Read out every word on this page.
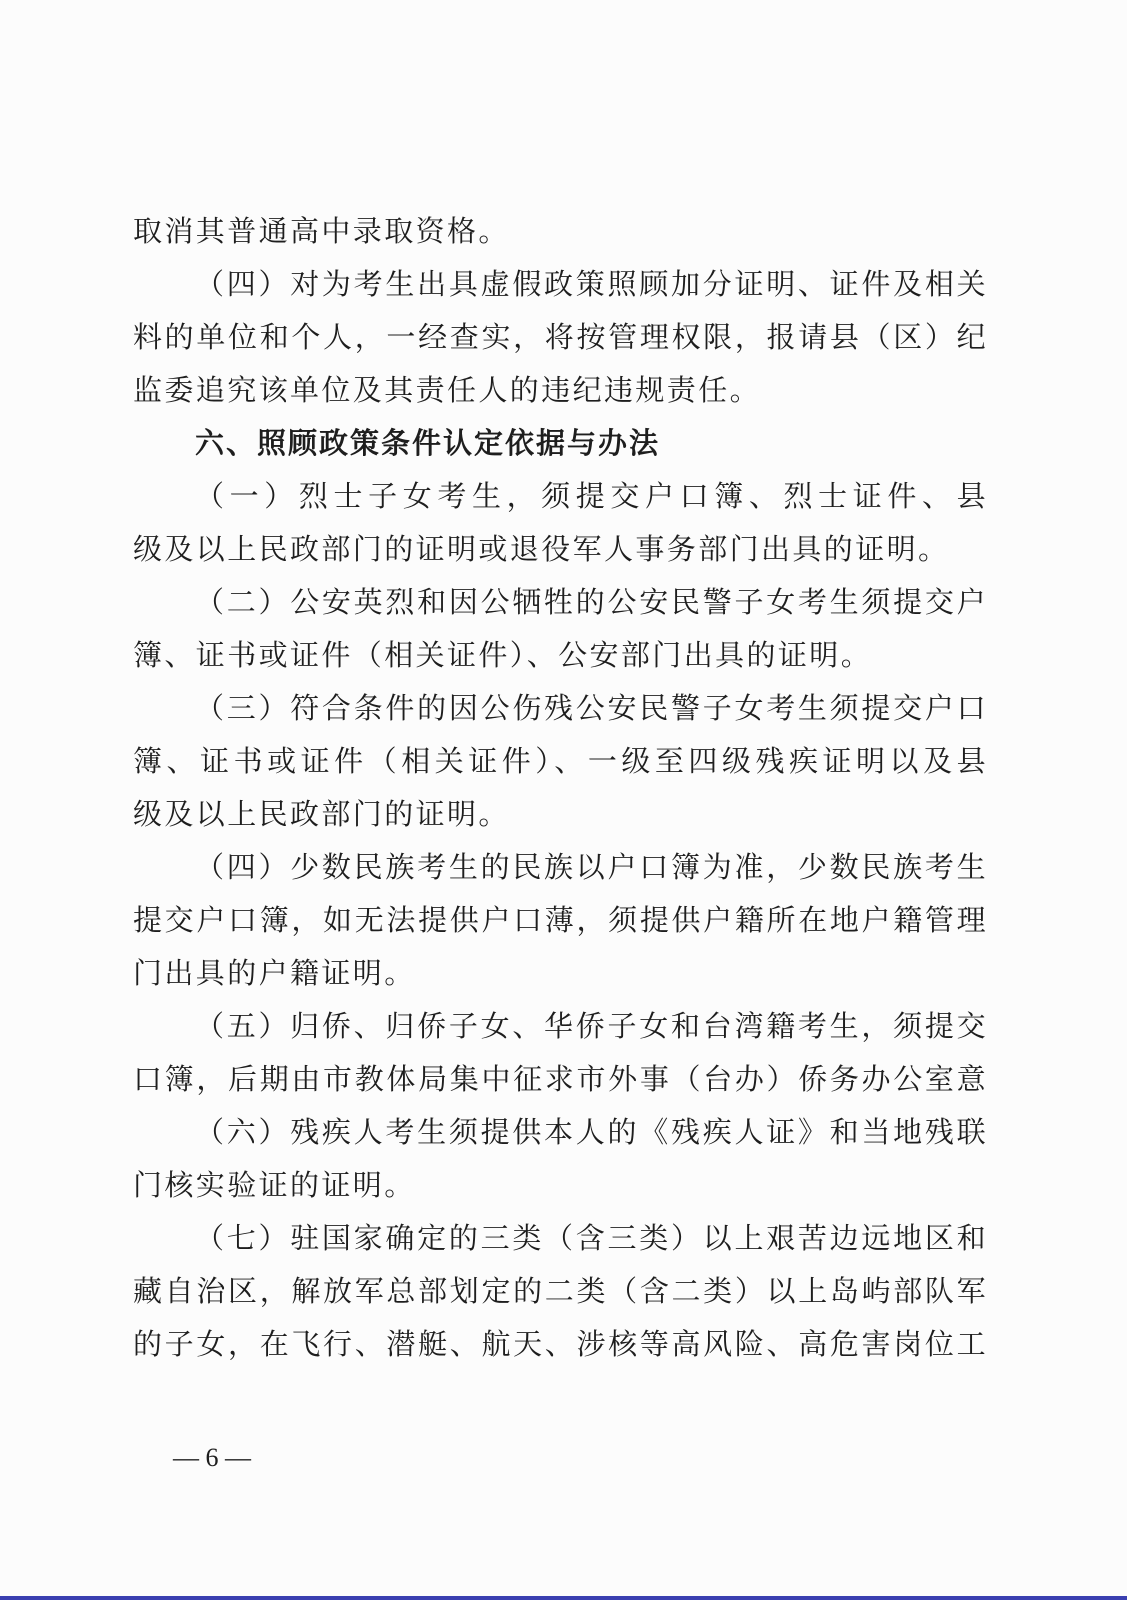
取消其普通高中录取资格。
（四）对为考生出具虚假政策照顾加分证明、证件及相关
料的单位和个人，一经查实，将按管理权限，报请县（区）纪
监委追究该单位及其责任人的违纪违规责任。
六、照顾政策条件认定依据与办法
（一）烈士子女考生，须提交户口簿、烈士证件、县
级及以上民政部门的证明或退役军人事务部门出具的证明。
（二）公安英烈和因公牺牲的公安民警子女考生须提交户
簿、证书或证件（相关证件）、公安部门出具的证明。
（三）符合条件的因公伤残公安民警子女考生须提交户口
簿、证书或证件（相关证件）、一级至四级残疾证明以及县
级及以上民政部门的证明。
（四）少数民族考生的民族以户口簿为准，少数民族考生
提交户口簿，如无法提供户口薄，须提供户籍所在地户籍管理
门出具的户籍证明。
（五）归侨、归侨子女、华侨子女和台湾籍考生，须提交
口簿，后期由市教体局集中征求市外事（台办）侨务办公室意
（六）残疾人考生须提供本人的《残疾人证》和当地残联
门核实验证的证明。
（七）驻国家确定的三类（含三类）以上艰苦边远地区和
藏自治区，解放军总部划定的二类（含二类）以上岛屿部队军
的子女，在飞行、潜艇、航天、涉核等高风险、高危害岗位工
— 6 —
